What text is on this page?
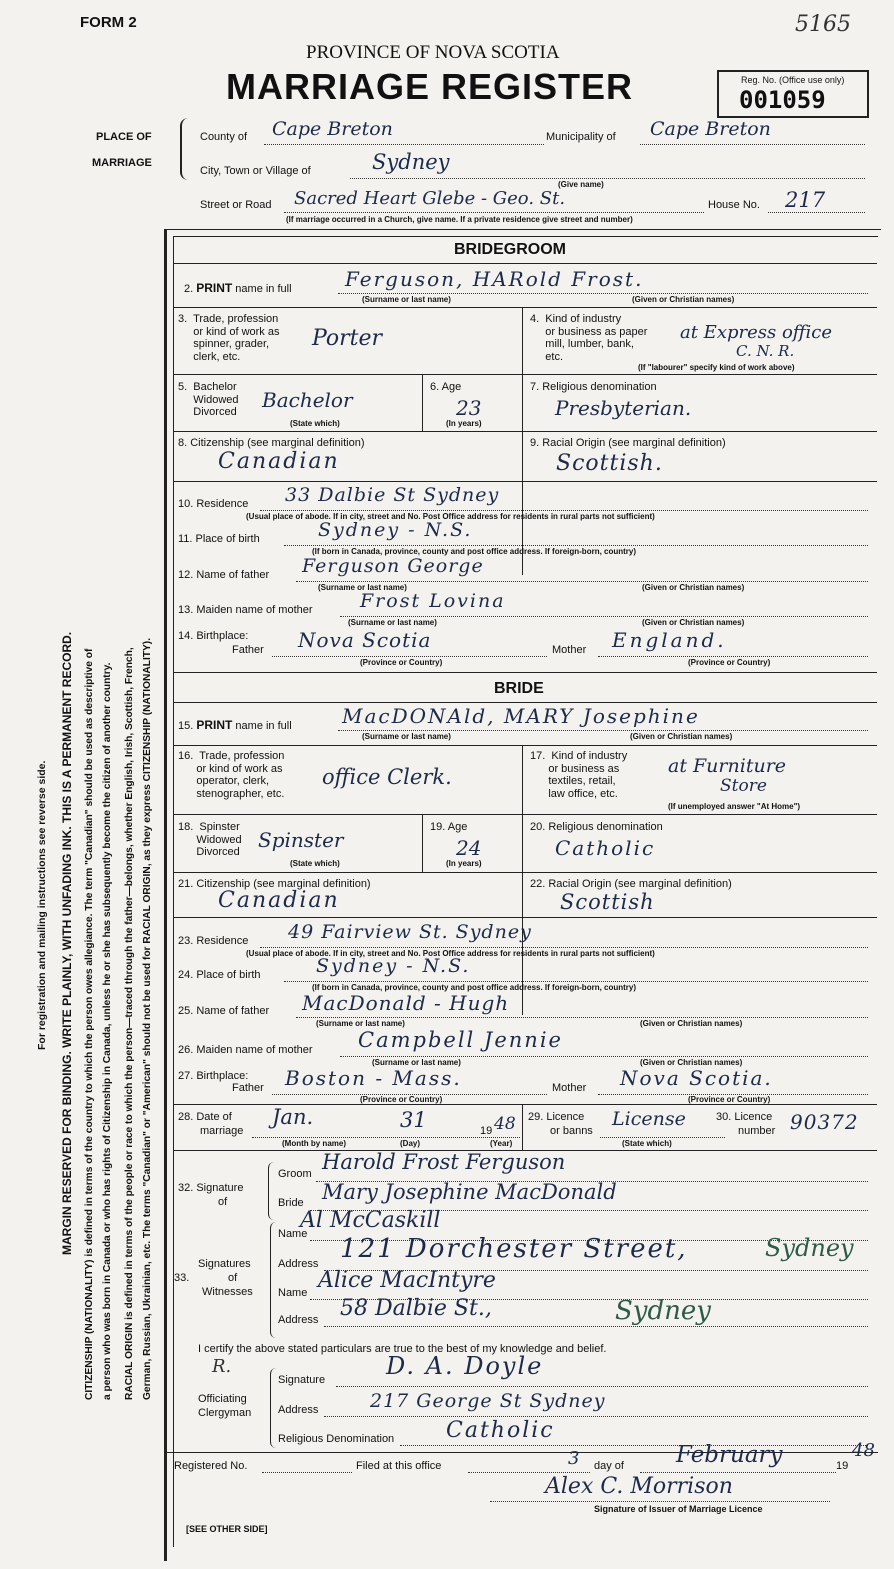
FORM 2	5165
PROVINCE OF NOVA SCOTIA
MARRIAGE REGISTER	Reg. No. (Office use only)
001059
PLACE OF
MARRIAGE
County of Cape Breton	Municipality of Cape Breton
City, Town or Village of	Sydney
(Give name)
Street or Road Sacred Heart Glebe - Geo. St.	House No. 217
(If marriage occurred in a Church, give name. If a private residence give street and number)
For registration and mailing instructions see reverse side. MARGIN RESERVED FOR BINDING. WRITE PLAINLY, WITH UNFADING INK. THIS IS A PERMANENT RECORD. CITIZENSHIP (NATIONALITY) is defined in terms of the country to which the person owes allegiance. The term "Canadian" should be used as descriptive of a person who was born in Canada or who has rights of Citizenship in Canada, unless he or she has subsequently become the citizen of another country. RACIAL ORIGIN is defined in terms of the people or race to which the person—traced through the father—belongs, whether English, Irish, Scottish, French, German, Russian, Ukrainian, etc. The terms "Canadian" or "American" should not be used for RACIAL ORIGIN, as they express CITIZENSHIP (NATIONALITY).
BRIDEGROOM
2. PRINT name in full	Ferguson, HARold Frost.
(Surname or last name)	(Given or Christian names)
3.  Trade, profession
or kind of work as
spinner, grader,
clerk, etc.
Porter
4.  Kind of industry
or business as paper
mill, lumber, bank,
etc.
at Express office
C. N. R.
(If "labourer" specify kind of work above)
5.  Bachelor
Widowed
Divorced Bachelor
(State which)
6. Age
23
(In years)
7. Religious denomination
Presbyterian.
8. Citizenship (see marginal definition)
Canadian
9. Racial Origin (see marginal definition)
Scottish.
10. Residence 33 Dalbie St Sydney
(Usual place of abode. If in city, street and No. Post Office address for residents in rural parts not sufficient)
11. Place of birth	Sydney - N.S.
(If born in Canada, province, county and post office address. If foreign-born, country)
12. Name of father Ferguson George
(Surname or last name)	(Given or Christian names)
13. Maiden name of mother Frost Lovina
(Surname or last name)	(Given or Christian names)
14. Birthplace:
Father Nova Scotia	Mother England.
(Province or Country)	(Province or Country)
BRIDE
15. PRINT name in full	MacDONAld, MARY Josephine
(Surname or last name)	(Given or Christian names)
16.  Trade, profession
or kind of work as
operator, clerk,
stenographer, etc.
office Clerk.
17.  Kind of industry
or business as
textiles, retail,
law office, etc.
at Furniture
Store
(If unemployed answer "At Home")
18.  Spinster
Widowed
Divorced Spinster
(State which)
19. Age
24
(In years)
20. Religious denomination
Catholic
21. Citizenship (see marginal definition)
Canadian
22. Racial Origin (see marginal definition)
Scottish
23. Residence 49 Fairview St. Sydney
(Usual place of abode. If in city, street and No. Post Office address for residents in rural parts not sufficient)
24. Place of birth	Sydney - N.S.
(If born in Canada, province, county and post office address. If foreign-born, country)
25. Name of father MacDonald - Hugh
(Surname or last name)	(Given or Christian names)
26. Maiden name of mother Campbell Jennie
(Surname or last name)	(Given or Christian names)
27. Birthplace:
Father Boston - Mass.	Mother Nova Scotia.
(Province or Country)	(Province or Country)
28. Date of
marriage
Jan.	31	19 48
(Month by name)	(Day)	(Year)
29. Licence
or banns
License
(State which)
30. Licence
number 90372
32. Signature
of
Groom Harold Frost Ferguson
Bride Mary Josephine MacDonald
Signatures
of
Witnesses
33.
Name
Al McCaskill
Address 121 Dorchester Street,	Sydney
Name Alice MacIntyre
Address 58 Dalbie St.,	Sydney
I certify the above stated particulars are true to the best of my knowledge and belief.
R.
Officiating
Clergyman
Signature	D. A. Doyle
Address	217 George St Sydney
Religious Denomination Catholic
Registered No.	Filed at this office	3 day of February	19
48
Alex C. Morrison
Signature of Issuer of Marriage Licence
[SEE OTHER SIDE]
